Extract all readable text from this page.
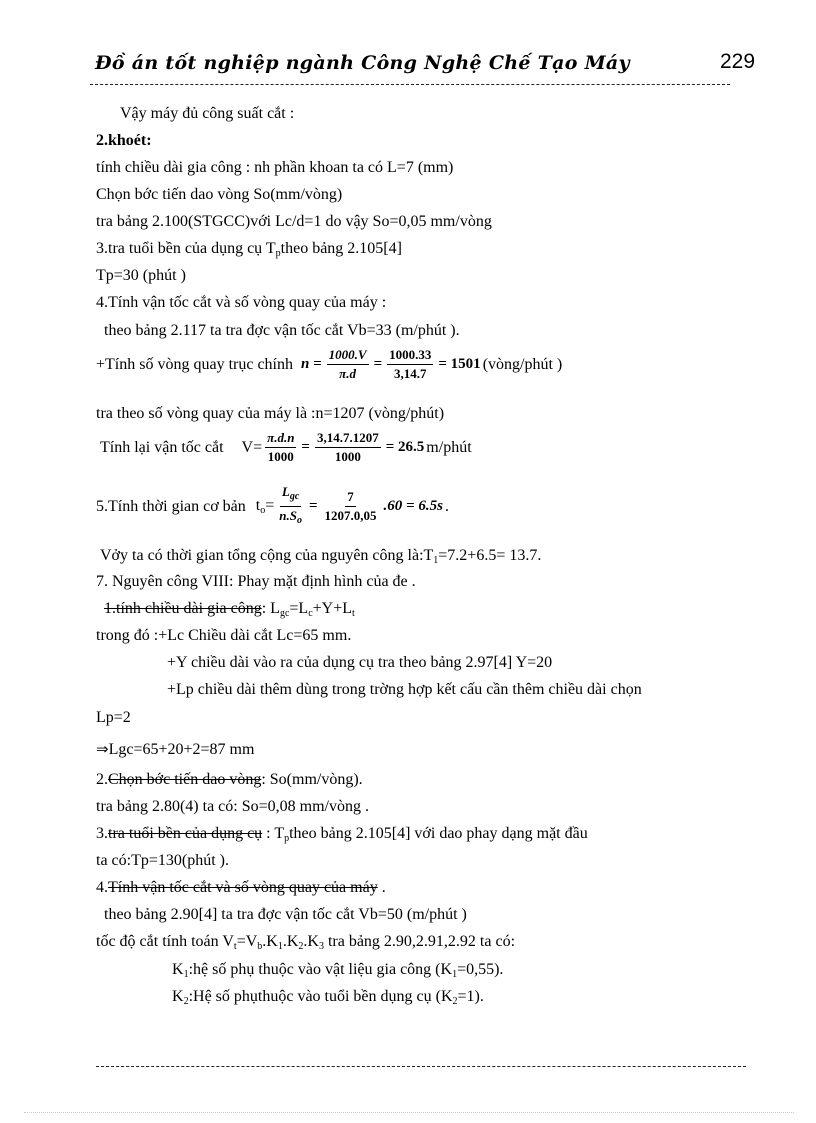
Đồ án tốt nghiệp ngành Công Nghệ Chế Tạo Máy	229
Vậy máy đủ công suất cắt :
2.khoét:
tính chiều dài gia công : nh phần khoan ta có L=7 (mm)
Chọn bớc tiến dao vòng So(mm/vòng)
tra bảng 2.100(STGCC)với Lc/d=1 do vậy So=0,05 mm/vòng
3.tra tuổi bền của dụng cụ $T_ptheo$ bảng 2.105[4]
Tp=30 (phút )
4.Tính vận tốc cắt và số vòng quay của máy :
theo bảng 2.117 ta tra đợc vận tốc cắt Vb=33 (m/phút ).
+Tính số vòng quay trục chính $n = \frac{1000.V}{\pi.d} = \frac{1000.33}{3,14.7} = 1501$ (vòng/phút )
tra theo số vòng quay của máy là :n=1207 (vòng/phút)
Tính lại vận tốc cắt $V= \frac{\pi.d.n}{1000} = \frac{3,14.7.1207}{1000} = 26.5$ m/phút
5.Tính thời gian cơ bản $t_o= \frac{L_{gc}}{n.S_o} = \frac{7}{1207.0,05} .60 = 6.5s$ .
Vởy ta có thời gian tổng cộng của nguyên công $là:T_1=7.2+6.5= 13.7$.
7. Nguyên công VIII: Phay mặt định hình của đe .
1.tính chiều dài gia công: $L_{gc}=L_c+Y+L_t$
trong đó :+Lc Chiều dài cắt Lc=65 mm.
+Y chiều dài vào ra của dụng cụ tra theo bảng 2.97[4] Y=20
+Lp chiều dài thêm dùng trong trờng hợp kết cấu cần thêm chiều dài chọn
Lp=2
⇒Lgc=65+20+2=87 mm
2.Chọn bớc tiến dao vòng: So(mm/vòng).
tra bảng 2.80(4) ta có: So=0,08 mm/vòng .
3.tra tuổi bền của dụng cụ : $T_ptheo$ bảng 2.105[4] với dao phay dạng mặt đầu
ta có:Tp=130(phút ).
4.Tính vận tốc cắt và số vòng quay của máy .
theo bảng 2.90[4] ta tra đợc vận tốc cắt Vb=50 (m/phút )
tốc độ cắt tính toán $V_t=V_b.K_1.K_2.K_3$ tra bảng 2.90,2.91,2.92 ta có:
$K_1:hệ$ số phụ thuộc vào vật liệu gia công $(K_1=0,55)$.
$K_2:Hệ$ số phụthuộc vào tuổi bền dụng cụ $(K_2=1)$.
